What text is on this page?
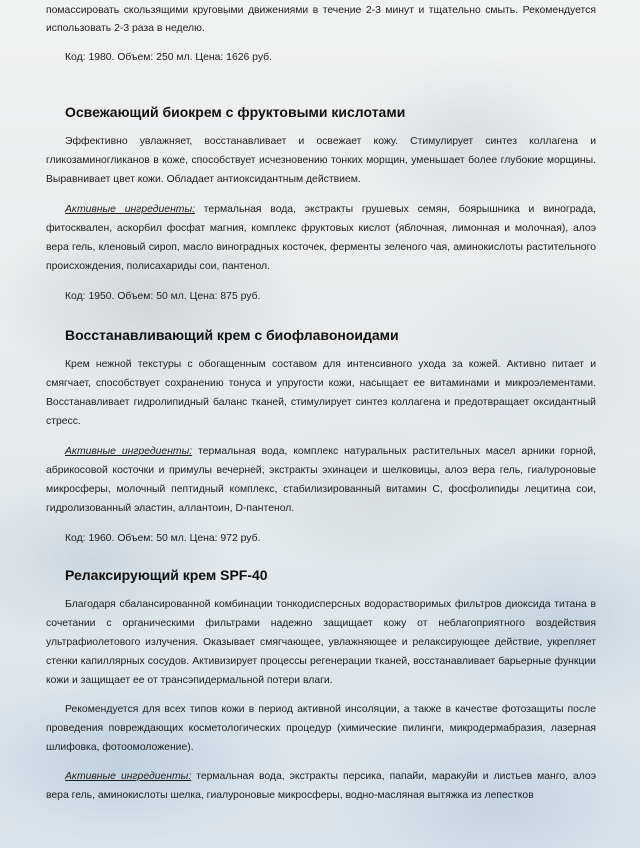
помассировать скользящими круговыми движениями в течение 2-3 минут и тщательно смыть. Рекомендуется использовать 2-3 раза в неделю.

Код: 1980. Объем: 250 мл. Цена: 1626 руб.

Освежающий биокрем с фруктовыми кислотами

Эффективно увлажняет, восстанавливает и освежает кожу. Стимулирует синтез коллагена и гликозаминогликанов в коже, способствует исчезновению тонких морщин, уменьшает более глубокие морщины. Выравнивает цвет кожи. Обладает антиоксидантным действием.

Активные ингредиенты: термальная вода, экстракты грушевых семян, боярышника и винограда, фитосквален, аскорбил фосфат магния, комплекс фруктовых кислот (яблочная, лимонная и молочная), алоэ вера гель, кленовый сироп, масло виноградных косточек, ферменты зеленого чая, аминокислоты растительного происхождения, полисахариды сои, пантенол.

Код: 1950. Объем: 50 мл. Цена: 875 руб.

Восстанавливающий крем с биофлавоноидами

Крем нежной текстуры с обогащенным составом для интенсивного ухода за кожей. Активно питает и смягчает, способствует сохранению тонуса и упругости кожи, насыщает ее витаминами и микроэлементами. Восстанавливает гидролипидный баланс тканей, стимулирует синтез коллагена и предотвращает оксидантный стресс.

Активные ингредиенты: термальная вода, комплекс натуральных растительных масел арники горной, абрикосовой косточки и примулы вечерней, экстракты эхинацеи и шелковицы, алоэ вера гель, гиалуроновые микросферы, молочный пептидный комплекс, стабилизированный витамин С, фосфолипиды лецитина сои, гидролизованный эластин, аллантоин, D-пантенол.

Код: 1960. Объем: 50 мл. Цена: 972 руб.

Релаксирующий крем SPF-40

Благодаря сбалансированной комбинации тонкодисперсных водорастворимых фильтров диоксида титана в сочетании с органическими фильтрами надежно защищает кожу от неблагоприятного воздействия ультрафиолетового излучения. Оказывает смягчающее, увлажняющее и релаксирующее действие, укрепляет стенки капиллярных сосудов. Активизирует процессы регенерации тканей, восстанавливает барьерные функции кожи и защищает ее от трансэпидермальной потери влаги.

Рекомендуется для всех типов кожи в период активной инсоляции, а также в качестве фотозащиты после проведения повреждающих косметологических процедур (химические пилинги, микродермабразия, лазерная шлифовка, фотоомоложение).

Активные ингредиенты: термальная вода, экстракты персика, папайи, маракуйи и листьев манго, алоэ вера гель, аминокислоты шелка, гиалуроновые микросферы, водно-масляная вытяжка из лепестков
